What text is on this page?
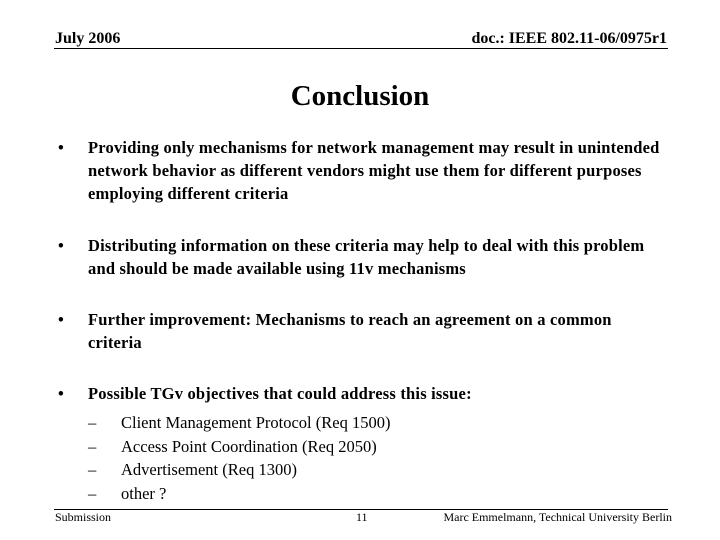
July 2006	doc.: IEEE 802.11-06/0975r1
Conclusion
•	Providing only mechanisms for network management may result in unintended network behavior as different vendors might use them for different purposes employing different criteria
•	Distributing information on these criteria may help to deal with this problem and should be made available using 11v mechanisms
•	Further improvement: Mechanisms to reach an agreement on a common criteria
•	Possible TGv objectives that could address this issue:
– Client Management Protocol (Req 1500)
– Access Point Coordination (Req 2050)
– Advertisement (Req 1300)
– other ?
Submission	11	Marc Emmelmann, Technical University Berlin
